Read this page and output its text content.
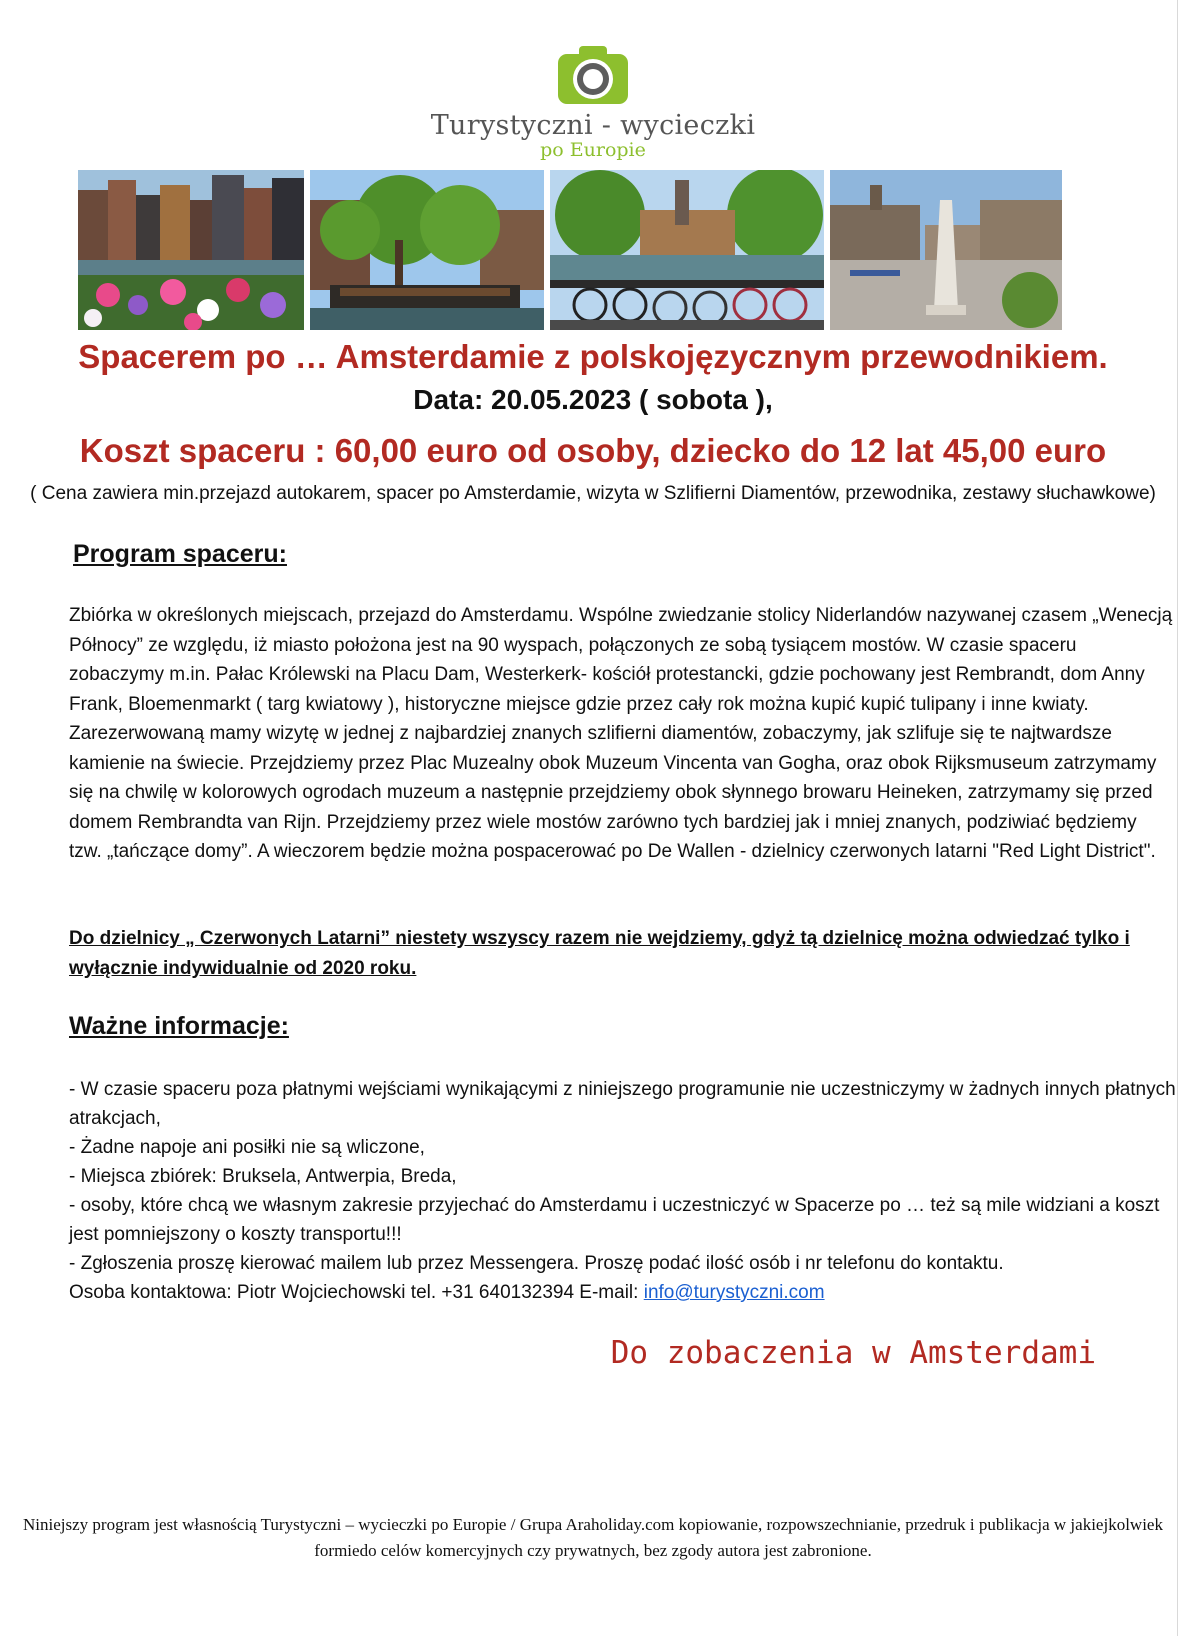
Turystyczni - wycieczki
po Europie
Spacerem po … Amsterdamie z polskojęzycznym przewodnikiem.
Data: 20.05.2023 ( sobota ),
Koszt spaceru : 60,00 euro od osoby, dziecko do 12 lat 45,00 euro
( Cena zawiera min.przejazd autokarem, spacer po Amsterdamie, wizyta w Szlifierni Diamentów, przewodnika, zestawy słuchawkowe)
Program spaceru:
Zbiórka w określonych miejscach, przejazd do Amsterdamu. Wspólne zwiedzanie stolicy Niderlandów nazywanej czasem „Wenecją Północy” ze względu, iż miasto położona jest na 90 wyspach, połączonych ze sobą tysiącem mostów. W czasie spaceru zobaczymy m.in. Pałac Królewski na Placu Dam, Westerkerk- kościół protestancki, gdzie pochowany jest Rembrandt, dom Anny Frank, Bloemenmarkt ( targ kwiatowy ), historyczne miejsce gdzie przez cały rok można kupić kupić tulipany i inne kwiaty. Zarezerwowaną mamy wizytę w jednej z najbardziej znanych szlifierni diamentów, zobaczymy, jak szlifuje się te najtwardsze kamienie na świecie. Przejdziemy przez Plac Muzealny obok Muzeum Vincenta van Gogha, oraz obok Rijksmuseum zatrzymamy się na chwilę w kolorowych ogrodach muzeum a następnie przejdziemy obok słynnego browaru Heineken, zatrzymamy się przed domem Rembrandta van Rijn. Przejdziemy przez wiele mostów zarówno tych bardziej jak i mniej znanych, podziwiać będziemy tzw. „tańczące domy”. A wieczorem będzie można pospacerować po De Wallen - dzielnicy czerwonych latarni "Red Light District".
Do dzielnicy „ Czerwonych Latarni” niestety wszyscy razem nie wejdziemy, gdyż tą dzielnicę można odwiedzać tylko i wyłącznie indywidualnie od 2020 roku.
Ważne informacje:

- W czasie spaceru poza płatnymi wejściami wynikającymi z niniejszego programunie nie uczestniczymy w żadnych innych płatnych atrakcjach,

- Żadne napoje ani posiłki nie są wliczone,

- Miejsca zbiórek: Bruksela, Antwerpia, Breda,

- osoby, które chcą we własnym zakresie przyjechać do Amsterdamu i uczestniczyć w Spacerze po … też są mile widziani a koszt jest pomniejszony o koszty transportu!!!

- Zgłoszenia proszę kierować mailem lub przez Messengera. Proszę podać ilość osób i nr telefonu do kontaktu.

Osoba kontaktowa: Piotr Wojciechowski tel. +31 640132394 E-mail: info@turystyczni.com

Do zobaczenia w Amsterdami
Niniejszy program jest własnością Turystyczni – wycieczki po Europie / Grupa Araholiday.com kopiowanie, rozpowszechnianie, przedruk i publikacja w jakiejkolwiek formiedo celów komercyjnych czy prywatnych, bez zgody autora jest zabronione.
